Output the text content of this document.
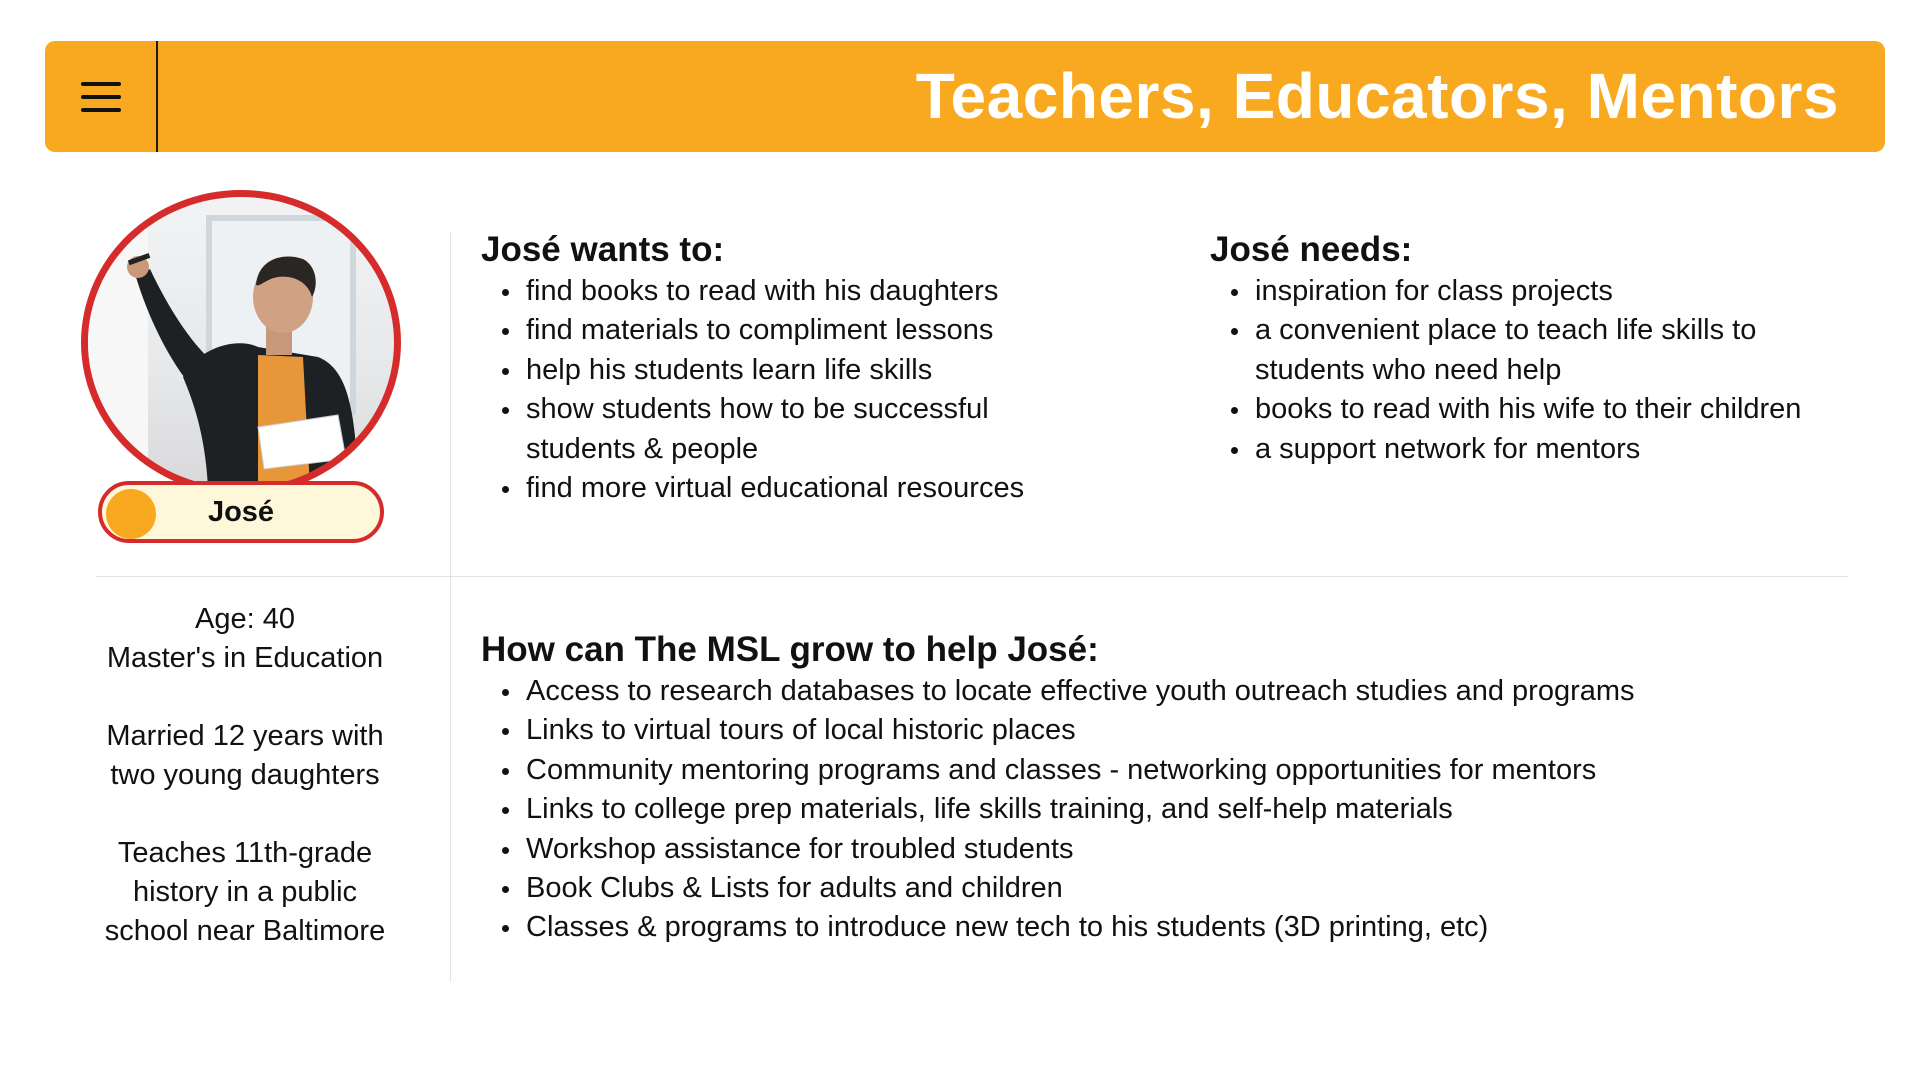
Teachers, Educators, Mentors
José

Age: 40

Master's in Education

Married 12 years with

two young daughters

Teaches 11th-grade

history in a public

school near Baltimore

José wants to:
find books to read with his daughters
find materials to compliment lessons
help his students learn life skills
show students how to be successful students & people
find more virtual educational resources
José needs:
inspiration for class projects
a convenient place to teach life skills to students who need help
books to read with his wife to their children
a support network for mentors
How can The MSL grow to help José:
Access to research databases to locate effective youth outreach studies and programs
Links to virtual tours of local historic places
Community mentoring programs and classes - networking opportunities for mentors
Links to college prep materials, life skills training, and self-help materials
Workshop assistance for troubled students
Book Clubs & Lists for adults and children
Classes & programs to introduce new tech to his students (3D printing, etc)
